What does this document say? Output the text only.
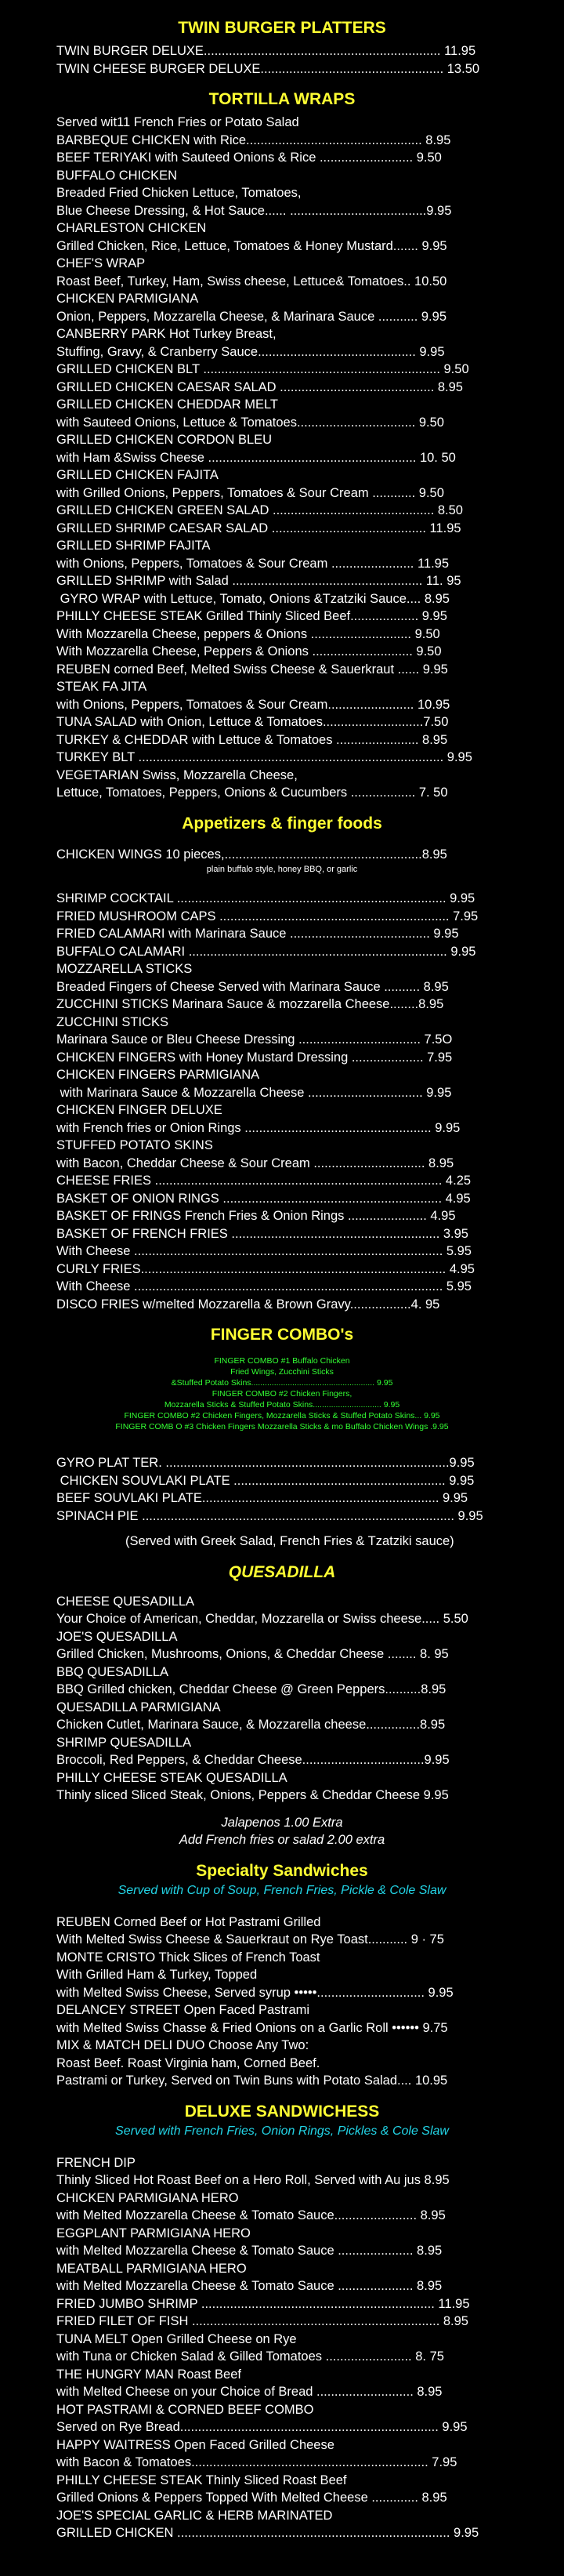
TWIN BURGER PLATTERS
TWIN BURGER DELUXE.................................................................. 11.95
TWIN CHEESE BURGER DELUXE................................................... 13.50
TORTILLA WRAPS
Served wit11 French Fries or Potato Salad
BARBEQUE CHICKEN with Rice................................................. 8.95
BEEF TERIYAKI with Sauteed Onions & Rice .......................... 9.50
BUFFALO CHICKEN
Breaded Fried Chicken Lettuce, Tomatoes,
Blue Cheese Dressing, & Hot Sauce...... ......................................9.95
CHARLESTON CHICKEN
Grilled Chicken, Rice, Lettuce, Tomatoes & Honey Mustard....... 9.95
CHEF'S WRAP
Roast Beef, Turkey, Ham, Swiss cheese, Lettuce& Tomatoes.. 10.50
CHICKEN PARMIGIANA
Onion, Peppers, Mozzarella Cheese, & Marinara Sauce ........... 9.95
CANBERRY PARK Hot Turkey Breast,
Stuffing, Gravy, & Cranberry Sauce............................................ 9.95
GRILLED CHICKEN BLT .................................................................. 9.50
GRILLED CHICKEN CAESAR SALAD ........................................... 8.95
GRILLED CHICKEN CHEDDAR MELT
with Sauteed Onions, Lettuce & Tomatoes................................. 9.50
GRILLED CHICKEN CORDON BLEU
with Ham &Swiss Cheese .......................................................... 10. 50
GRILLED CHICKEN FAJITA
with Grilled Onions, Peppers, Tomatoes & Sour Cream ............ 9.50
GRILLED CHICKEN GREEN SALAD ............................................. 8.50
GRILLED SHRIMP CAESAR SALAD ........................................... 11.95
GRILLED SHRIMP FAJITA
with Onions, Peppers, Tomatoes & Sour Cream ....................... 11.95
GRILLED SHRIMP with Salad ..................................................... 11. 95
GYRO WRAP with Lettuce, Tomato, Onions &Tzatziki Sauce.... 8.95
PHILLY CHEESE STEAK Grilled Thinly Sliced Beef................... 9.95
With Mozzarella Cheese, peppers & Onions ............................ 9.50
With Mozzarella Cheese, Peppers & Onions ............................ 9.50
REUBEN corned Beef, Melted Swiss Cheese & Sauerkraut ...... 9.95
STEAK FA JITA
with Onions, Peppers, Tomatoes & Sour Cream........................ 10.95
TUNA SALAD with Onion, Lettuce & Tomatoes............................7.50
TURKEY & CHEDDAR with Lettuce & Tomatoes ....................... 8.95
TURKEY BLT ..................................................................................... 9.95
VEGETARIAN Swiss, Mozzarella Cheese,
Lettuce, Tomatoes, Peppers, Onions & Cucumbers .................. 7. 50
Appetizers & finger foods
CHICKEN WINGS 10 pieces,.......................................................8.95
plain buffalo style, honey BBQ, or garlic
SHRIMP COCKTAIL ........................................................................... 9.95
FRIED MUSHROOM CAPS ................................................................ 7.95
FRIED CALAMARI with Marinara Sauce ....................................... 9.95
BUFFALO CALAMARI ........................................................................ 9.95
MOZZARELLA STICKS
Breaded Fingers of Cheese Served with Marinara Sauce .......... 8.95
ZUCCHINI STICKS Marinara Sauce & mozzarella Cheese........8.95
ZUCCHINI STICKS
Marinara Sauce or Bleu Cheese Dressing .................................. 7.5O
CHICKEN FINGERS with Honey Mustard Dressing .................... 7.95
CHICKEN FINGERS PARMIGIANA
with Marinara Sauce & Mozzarella Cheese ................................ 9.95
CHICKEN FINGER DELUXE
with French fries or Onion Rings .................................................... 9.95
STUFFED POTATO SKINS
with Bacon, Cheddar Cheese & Sour Cream ............................... 8.95
CHEESE FRIES ................................................................................ 4.25
BASKET OF ONION RINGS ............................................................. 4.95
BASKET OF FRINGS French Fries & Onion Rings ...................... 4.95
BASKET OF FRENCH FRIES .......................................................... 3.95
With Cheese ...................................................................................... 5.95
CURLY FRIES..................................................................................... 4.95
With Cheese ...................................................................................... 5.95
DISCO FRIES w/melted Mozzarella & Brown Gravy.................4. 95
FINGER COMBO's
FINGER COMBO #1 Buffalo Chicken
Fried Wings, Zucchini Sticks
&Stuffed Potato Skins...................................................... 9.95
FINGER COMBO #2 Chicken Fingers,
Mozzarella Sticks & Stuffed Potato Skins.............................. 9.95
FINGER COMBO #2 Chicken Fingers, Mozzarella Sticks & Stuffed Potato Skins... 9.95
FINGER COMB O #3 Chicken Fingers Mozzarella Sticks & mo Buffalo Chicken Wings .9.95
GYRO PLAT TER. ...............................................................................9.95
CHICKEN SOUVLAKI PLATE ........................................................... 9.95
BEEF SOUVLAKI PLATE.................................................................. 9.95
SPINACH PIE ....................................................................................... 9.95
(Served with Greek Salad, French Fries & Tzatziki sauce)
QUESADILLA
CHEESE QUESADILLA
Your Choice of American, Cheddar, Mozzarella or Swiss cheese..... 5.50
JOE'S QUESADILLA
Grilled Chicken, Mushrooms, Onions, & Cheddar Cheese ........ 8. 95
BBQ QUESADILLA
BBQ Grilled chicken, Cheddar Cheese @ Green Peppers..........8.95
QUESADILLA PARMIGIANA
Chicken Cutlet, Marinara Sauce, & Mozzarella cheese...............8.95
SHRIMP QUESADILLA
Broccoli, Red Peppers, & Cheddar Cheese..................................9.95
PHILLY CHEESE STEAK QUESADILLA
Thinly sliced Sliced Steak, Onions, Peppers & Cheddar Cheese 9.95
Jalapenos 1.00 Extra
Add French fries or salad 2.00 extra
Specialty Sandwiches
Served with Cup of Soup, French Fries, Pickle & Cole Slaw
REUBEN Corned Beef or Hot Pastrami Grilled
With Melted Swiss Cheese & Sauerkraut on Rye Toast........... 9 · 75
MONTE CRISTO Thick Slices of French Toast
With Grilled Ham & Turkey, Topped
with Melted Swiss Cheese, Served syrup •••••.............................. 9.95
DELANCEY STREET Open Faced Pastrami
with Melted Swiss Chasse & Fried Onions on a Garlic Roll •••••• 9.75
MIX & MATCH DELI DUO Choose Any Two:
Roast Beef. Roast Virginia ham, Corned Beef.
Pastrami or Turkey, Served on Twin Buns with Potato Salad.... 10.95
DELUXE SANDWICHESS
Served with French Fries, Onion Rings, Pickles & Cole Slaw
FRENCH DIP
Thinly Sliced Hot Roast Beef on a Hero Roll, Served with Au jus 8.95
CHICKEN PARMIGIANA HERO
with Melted Mozzarella Cheese & Tomato Sauce....................... 8.95
EGGPLANT PARMIGIANA HERO
with Melted Mozzarella Cheese & Tomato Sauce ..................... 8.95
MEATBALL PARMIGIANA HERO
with Melted Mozzarella Cheese & Tomato Sauce ..................... 8.95
FRIED JUMBO SHRIMP ................................................................. 11.95
FRIED FILET OF FISH ..................................................................... 8.95
TUNA MELT Open Grilled Cheese on Rye
with Tuna or Chicken Salad & Gilled Tomatoes ........................ 8. 75
THE HUNGRY MAN Roast Beef
with Melted Cheese on your Choice of Bread ........................... 8.95
HOT PASTRAMI & CORNED BEEF COMBO
Served on Rye Bread........................................................................ 9.95
HAPPY WAITRESS Open Faced Grilled Cheese
with Bacon & Tomatoes.................................................................. 7.95
PHILLY CHEESE STEAK Thinly Sliced Roast Beef
Grilled Onions & Peppers Topped With Melted Cheese ............. 8.95
JOE'S SPECIAL GARLIC & HERB MARINATED
GRILLED CHICKEN ............................................................................ 9.95
